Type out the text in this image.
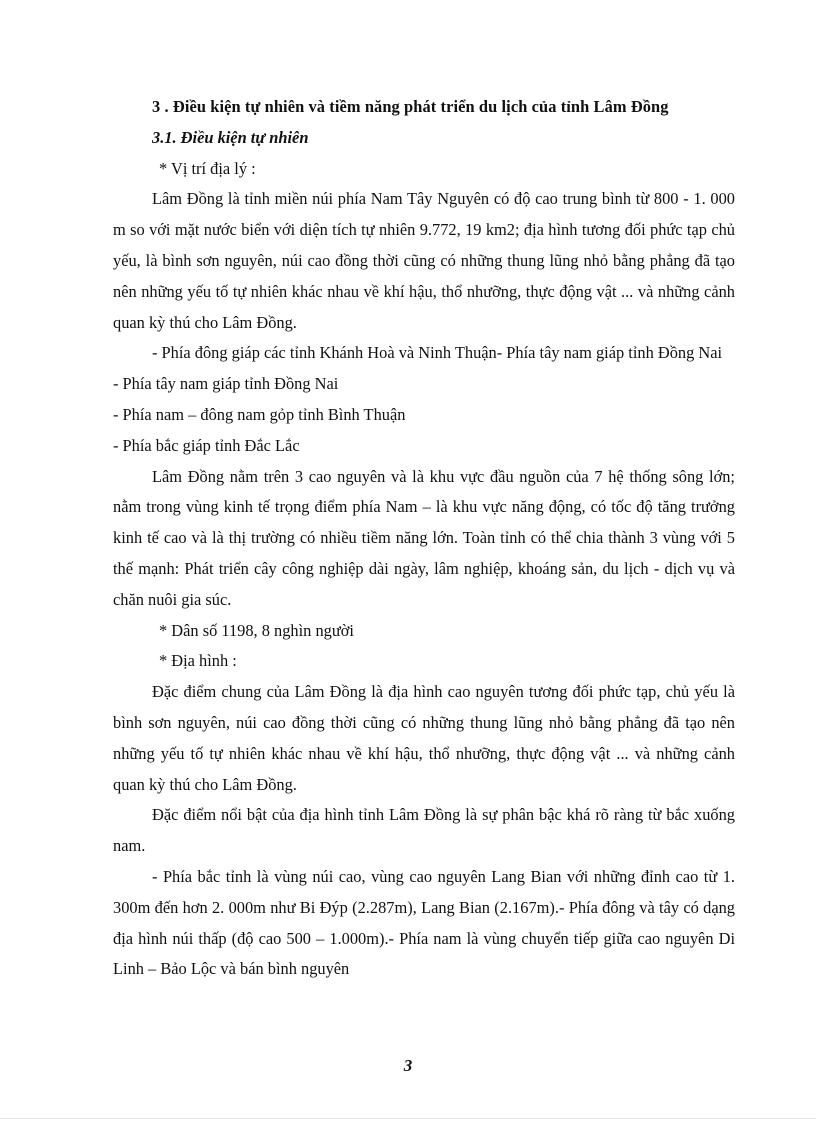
3 . Điều kiện tự nhiên và tiềm năng phát triển du lịch của tỉnh Lâm Đồng

3.1. Điều kiện tự nhiên

* Vị trí địa lý :

Lâm Đồng là tỉnh miền núi phía Nam Tây Nguyên có độ cao trung bình từ 800 - 1. 000 m so với mặt nước biển với diện tích tự nhiên 9.772, 19 km2; địa hình tương đối phức tạp chủ yếu, là bình sơn nguyên, núi cao đồng thời cũng có những thung lũng nhỏ bằng phẳng đã tạo nên những yếu tố tự nhiên khác nhau về khí hậu, thổ nhưỡng, thực động vật ... và những cảnh quan kỳ thú cho Lâm Đồng.

- Phía đông giáp các tỉnh Khánh Hoà và Ninh Thuận- Phía tây nam giáp tỉnh Đồng Nai

- Phía tây nam giáp tỉnh Đồng Nai

- Phía nam – đông nam gỏp tỉnh Bình Thuận

- Phía bắc giáp tỉnh Đắc Lắc

Lâm Đồng nằm trên 3 cao nguyên và là khu vực đầu nguồn của 7 hệ thống sông lớn; nằm trong vùng kinh tế trọng điểm phía Nam – là khu vực năng động, có tốc độ tăng trưởng kinh tế cao và là thị trường có nhiều tiềm năng lớn. Toàn tỉnh có thể chia thành 3 vùng với 5 thế mạnh: Phát triển cây công nghiệp dài ngày, lâm nghiệp, khoáng sản, du lịch - dịch vụ và chăn nuôi gia súc.

* Dân số 1198, 8 nghìn người

* Địa hình :

Đặc điểm chung của Lâm Đồng là địa hình cao nguyên tương đối phức tạp, chủ yếu là bình sơn nguyên, núi cao đồng thời cũng có những thung lũng nhỏ bằng phẳng đã tạo nên những yếu tố tự nhiên khác nhau về khí hậu, thổ nhưỡng, thực động vật ... và những cảnh quan kỳ thú cho Lâm Đồng.

Đặc điểm nổi bật của địa hình tỉnh Lâm Đồng là sự phân bậc khá rõ ràng từ bắc xuống nam.

- Phía bắc tỉnh là vùng núi cao, vùng cao nguyên Lang Bian với những đỉnh cao từ 1. 300m đến hơn 2. 000m như Bi Đýp (2.287m), Lang Bian (2.167m).- Phía đông và tây có dạng địa hình núi thấp (độ cao 500 – 1.000m).- Phía nam là vùng chuyển tiếp giữa cao nguyên Di Linh – Bảo Lộc và bán bình nguyên

3
